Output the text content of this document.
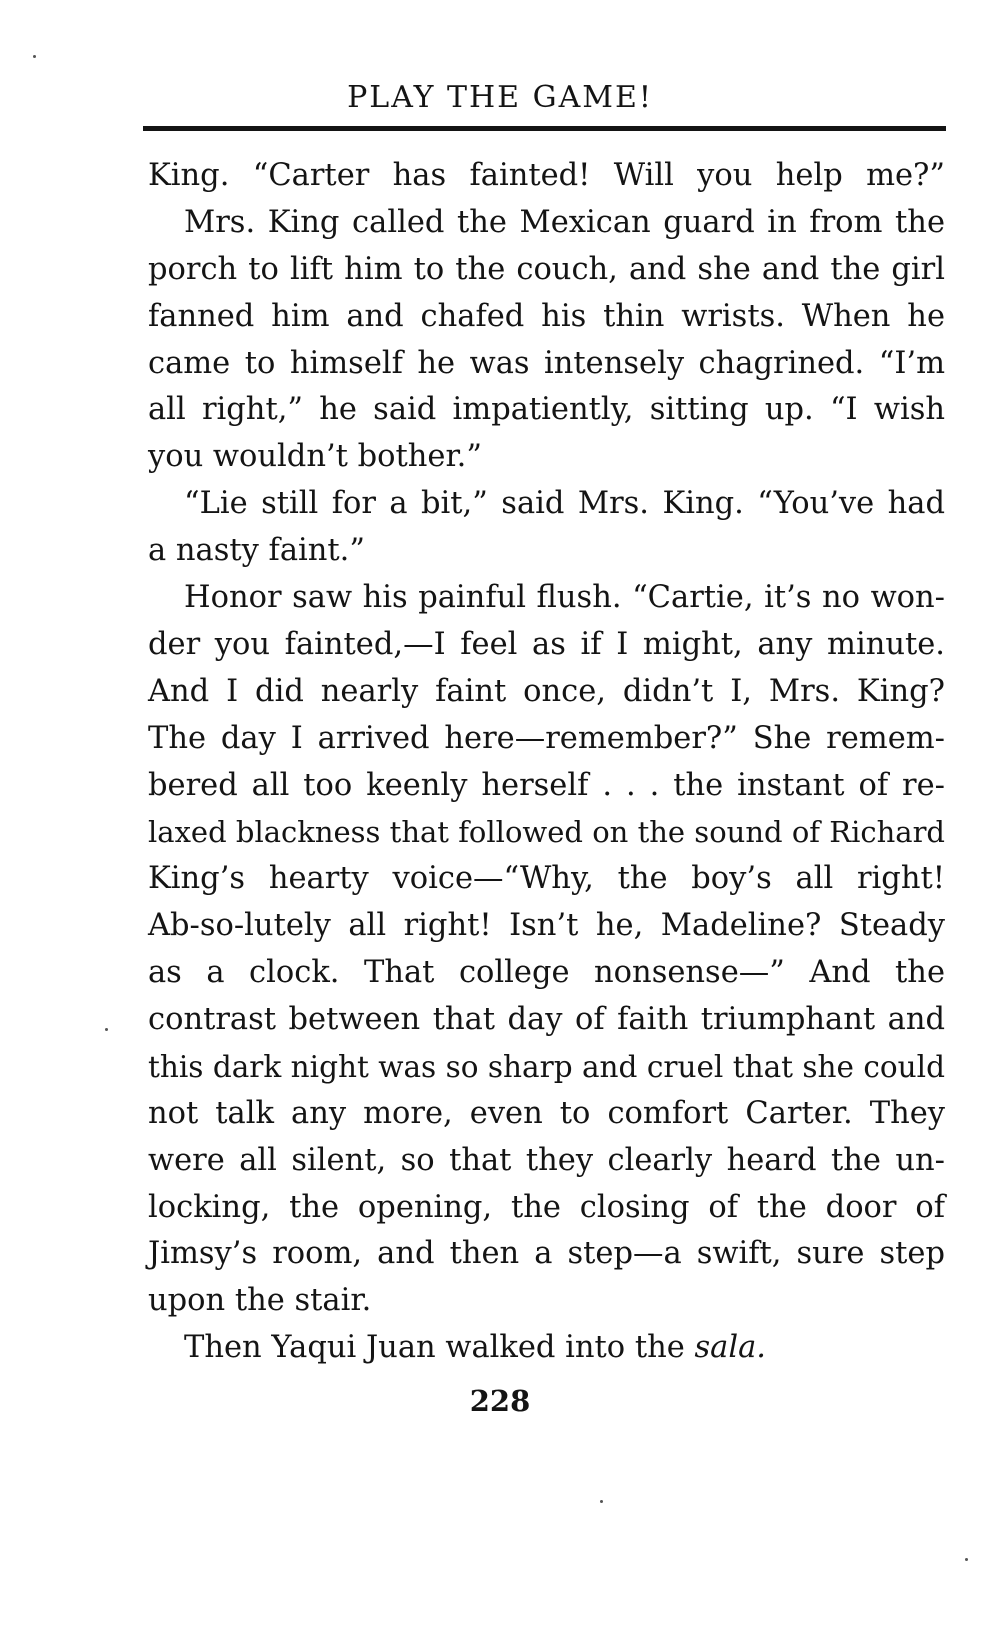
PLAY THE GAME!
King. “Carter has fainted! Will you help me?”
Mrs. King called the Mexican guard in from the
porch to lift him to the couch, and she and the girl
fanned him and chafed his thin wrists. When he
came to himself he was intensely chagrined. “I’m
all right,” he said impatiently, sitting up. “I wish
you wouldn’t bother.”
“Lie still for a bit,” said Mrs. King. “You’ve had
a nasty faint.”
Honor saw his painful flush. “Cartie, it’s no won-
der you fainted,—I feel as if I might, any minute.
And I did nearly faint once, didn’t I, Mrs. King?
The day I arrived here—remember?” She remem-
bered all too keenly herself . . . the instant of re-
laxed blackness that followed on the sound of Richard
King’s hearty voice—“Why, the boy’s all right!
Ab-so-lutely all right! Isn’t he, Madeline? Steady
as a clock. That college nonsense—” And the
contrast between that day of faith triumphant and
this dark night was so sharp and cruel that she could
not talk any more, even to comfort Carter. They
were all silent, so that they clearly heard the un-
locking, the opening, the closing of the door of
Jimsy’s room, and then a step—a swift, sure step
upon the stair.
Then Yaqui Juan walked into the sala.
228
